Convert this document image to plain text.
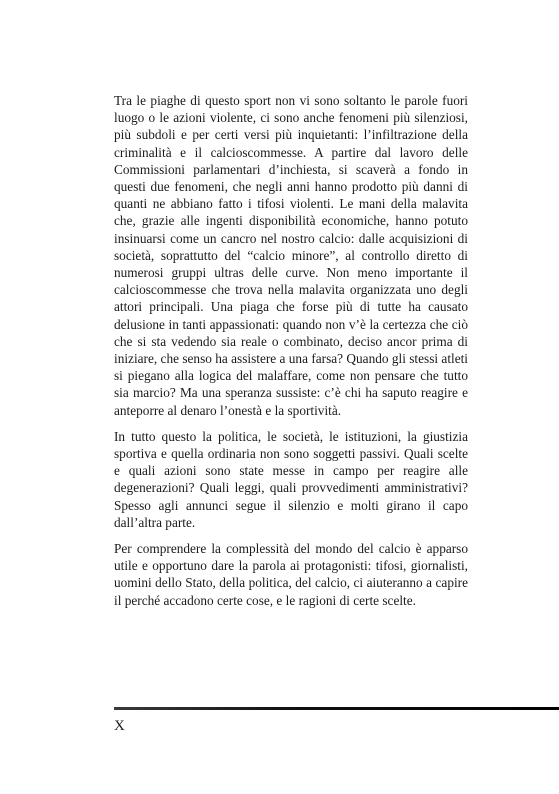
Tra le piaghe di questo sport non vi sono soltanto le parole fuori luogo o le azioni violente, ci sono anche fenomeni più silenziosi, più subdoli e per certi versi più inquietanti: l’infiltrazione della criminalità e il calcioscommesse. A partire dal lavoro delle Commissioni parlamentari d’inchiesta, si scaverà a fondo in questi due fenomeni, che negli anni hanno prodotto più danni di quanti ne abbiano fatto i tifosi violenti. Le mani della malavita che, grazie alle ingenti disponibilità economiche, hanno potuto insinuarsi come un cancro nel nostro calcio: dalle acquisizioni di società, soprattutto del “calcio minore”, al controllo diretto di numerosi gruppi ultras delle curve. Non meno importante il calcioscommesse che trova nella malavita organizzata uno degli attori principali. Una piaga che forse più di tutte ha causato delusione in tanti appassionati: quando non v’è la certezza che ciò che si sta vedendo sia reale o combinato, deciso ancor prima di iniziare, che senso ha assistere a una farsa? Quando gli stessi atleti si piegano alla logica del malaffare, come non pensare che tutto sia marcio? Ma una speranza sussiste: c’è chi ha saputo reagire e anteporre al denaro l’onestà e la sportività.

In tutto questo la politica, le società, le istituzioni, la giustizia sportiva e quella ordinaria non sono soggetti passivi. Quali scelte e quali azioni sono state messe in campo per reagire alle degenerazioni? Quali leggi, quali provvedimenti amministrativi? Spesso agli annunci segue il silenzio e molti girano il capo dall’altra parte.

Per comprendere la complessità del mondo del calcio è apparso utile e opportuno dare la parola ai protagonisti: tifosi, giornalisti, uomini dello Stato, della politica, del calcio, ci aiuteranno a capire il perché accadono certe cose, e le ragioni di certe scelte.

X
